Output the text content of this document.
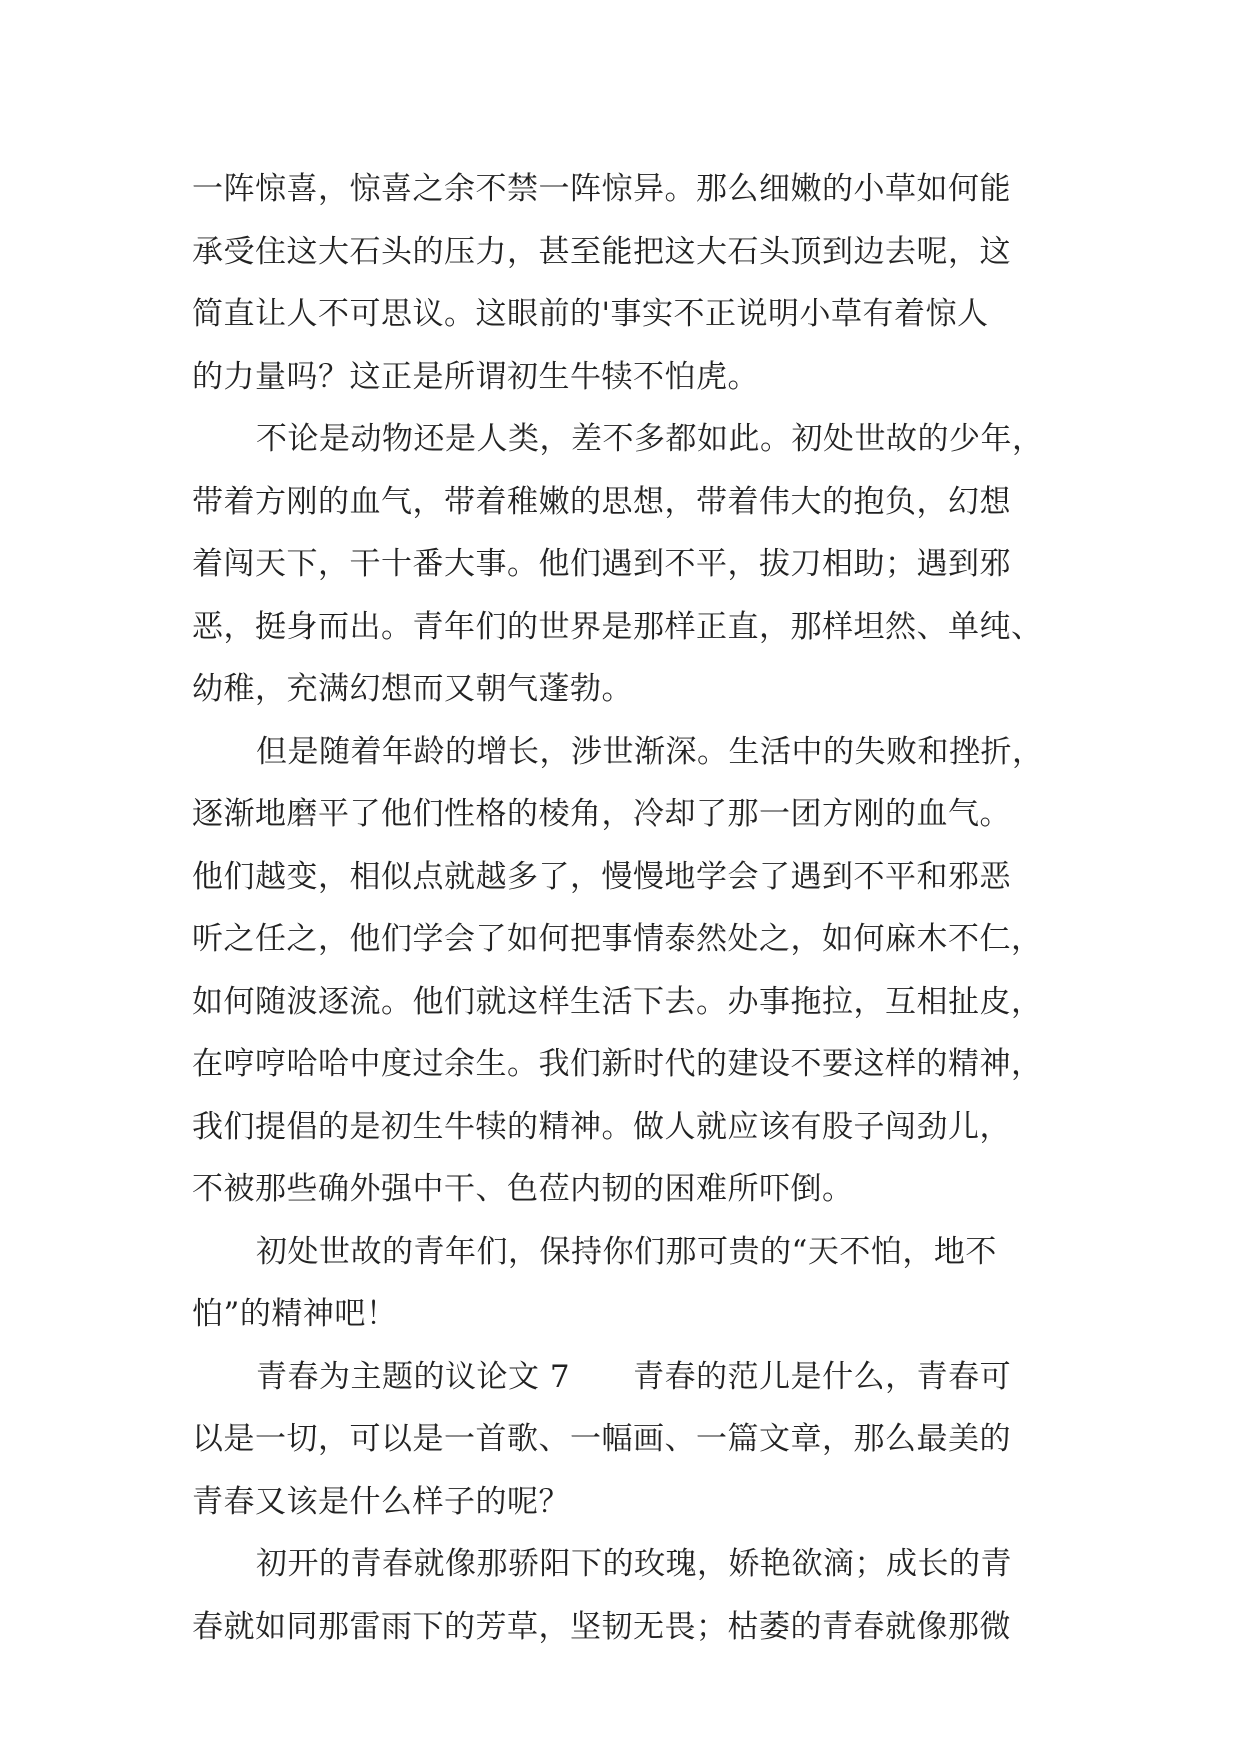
一阵惊喜，惊喜之余不禁一阵惊异。那么细嫩的小草如何能
承受住这大石头的压力，甚至能把这大石头顶到边去呢，这
简直让人不可思议。这眼前的'事实不正说明小草有着惊人
的力量吗？这正是所谓初生牛犊不怕虎。
不论是动物还是人类，差不多都如此。初处世故的少年，
带着方刚的血气，带着稚嫩的思想，带着伟大的抱负，幻想
着闯天下，干十番大事。他们遇到不平，拔刀相助；遇到邪
恶，挺身而出。青年们的世界是那样正直，那样坦然、单纯、
幼稚，充满幻想而又朝气蓬勃。
但是随着年龄的增长，涉世渐深。生活中的失败和挫折，
逐渐地磨平了他们性格的棱角，冷却了那一团方刚的血气。
他们越变，相似点就越多了，慢慢地学会了遇到不平和邪恶
听之任之，他们学会了如何把事情泰然处之，如何麻木不仁，
如何随波逐流。他们就这样生活下去。办事拖拉，互相扯皮，
在哼哼哈哈中度过余生。我们新时代的建设不要这样的精神，
我们提倡的是初生牛犊的精神。做人就应该有股子闯劲儿，
不被那些确外强中干、色莅内韧的困难所吓倒。
初处世故的青年们，保持你们那可贵的“天不怕，地不
怕”的精神吧！
青春为主题的议论文 7　　青春的范儿是什么，青春可
以是一切，可以是一首歌、一幅画、一篇文章，那么最美的
青春又该是什么样子的呢？
初开的青春就像那骄阳下的玫瑰，娇艳欲滴；成长的青
春就如同那雷雨下的芳草，坚韧无畏；枯萎的青春就像那微
